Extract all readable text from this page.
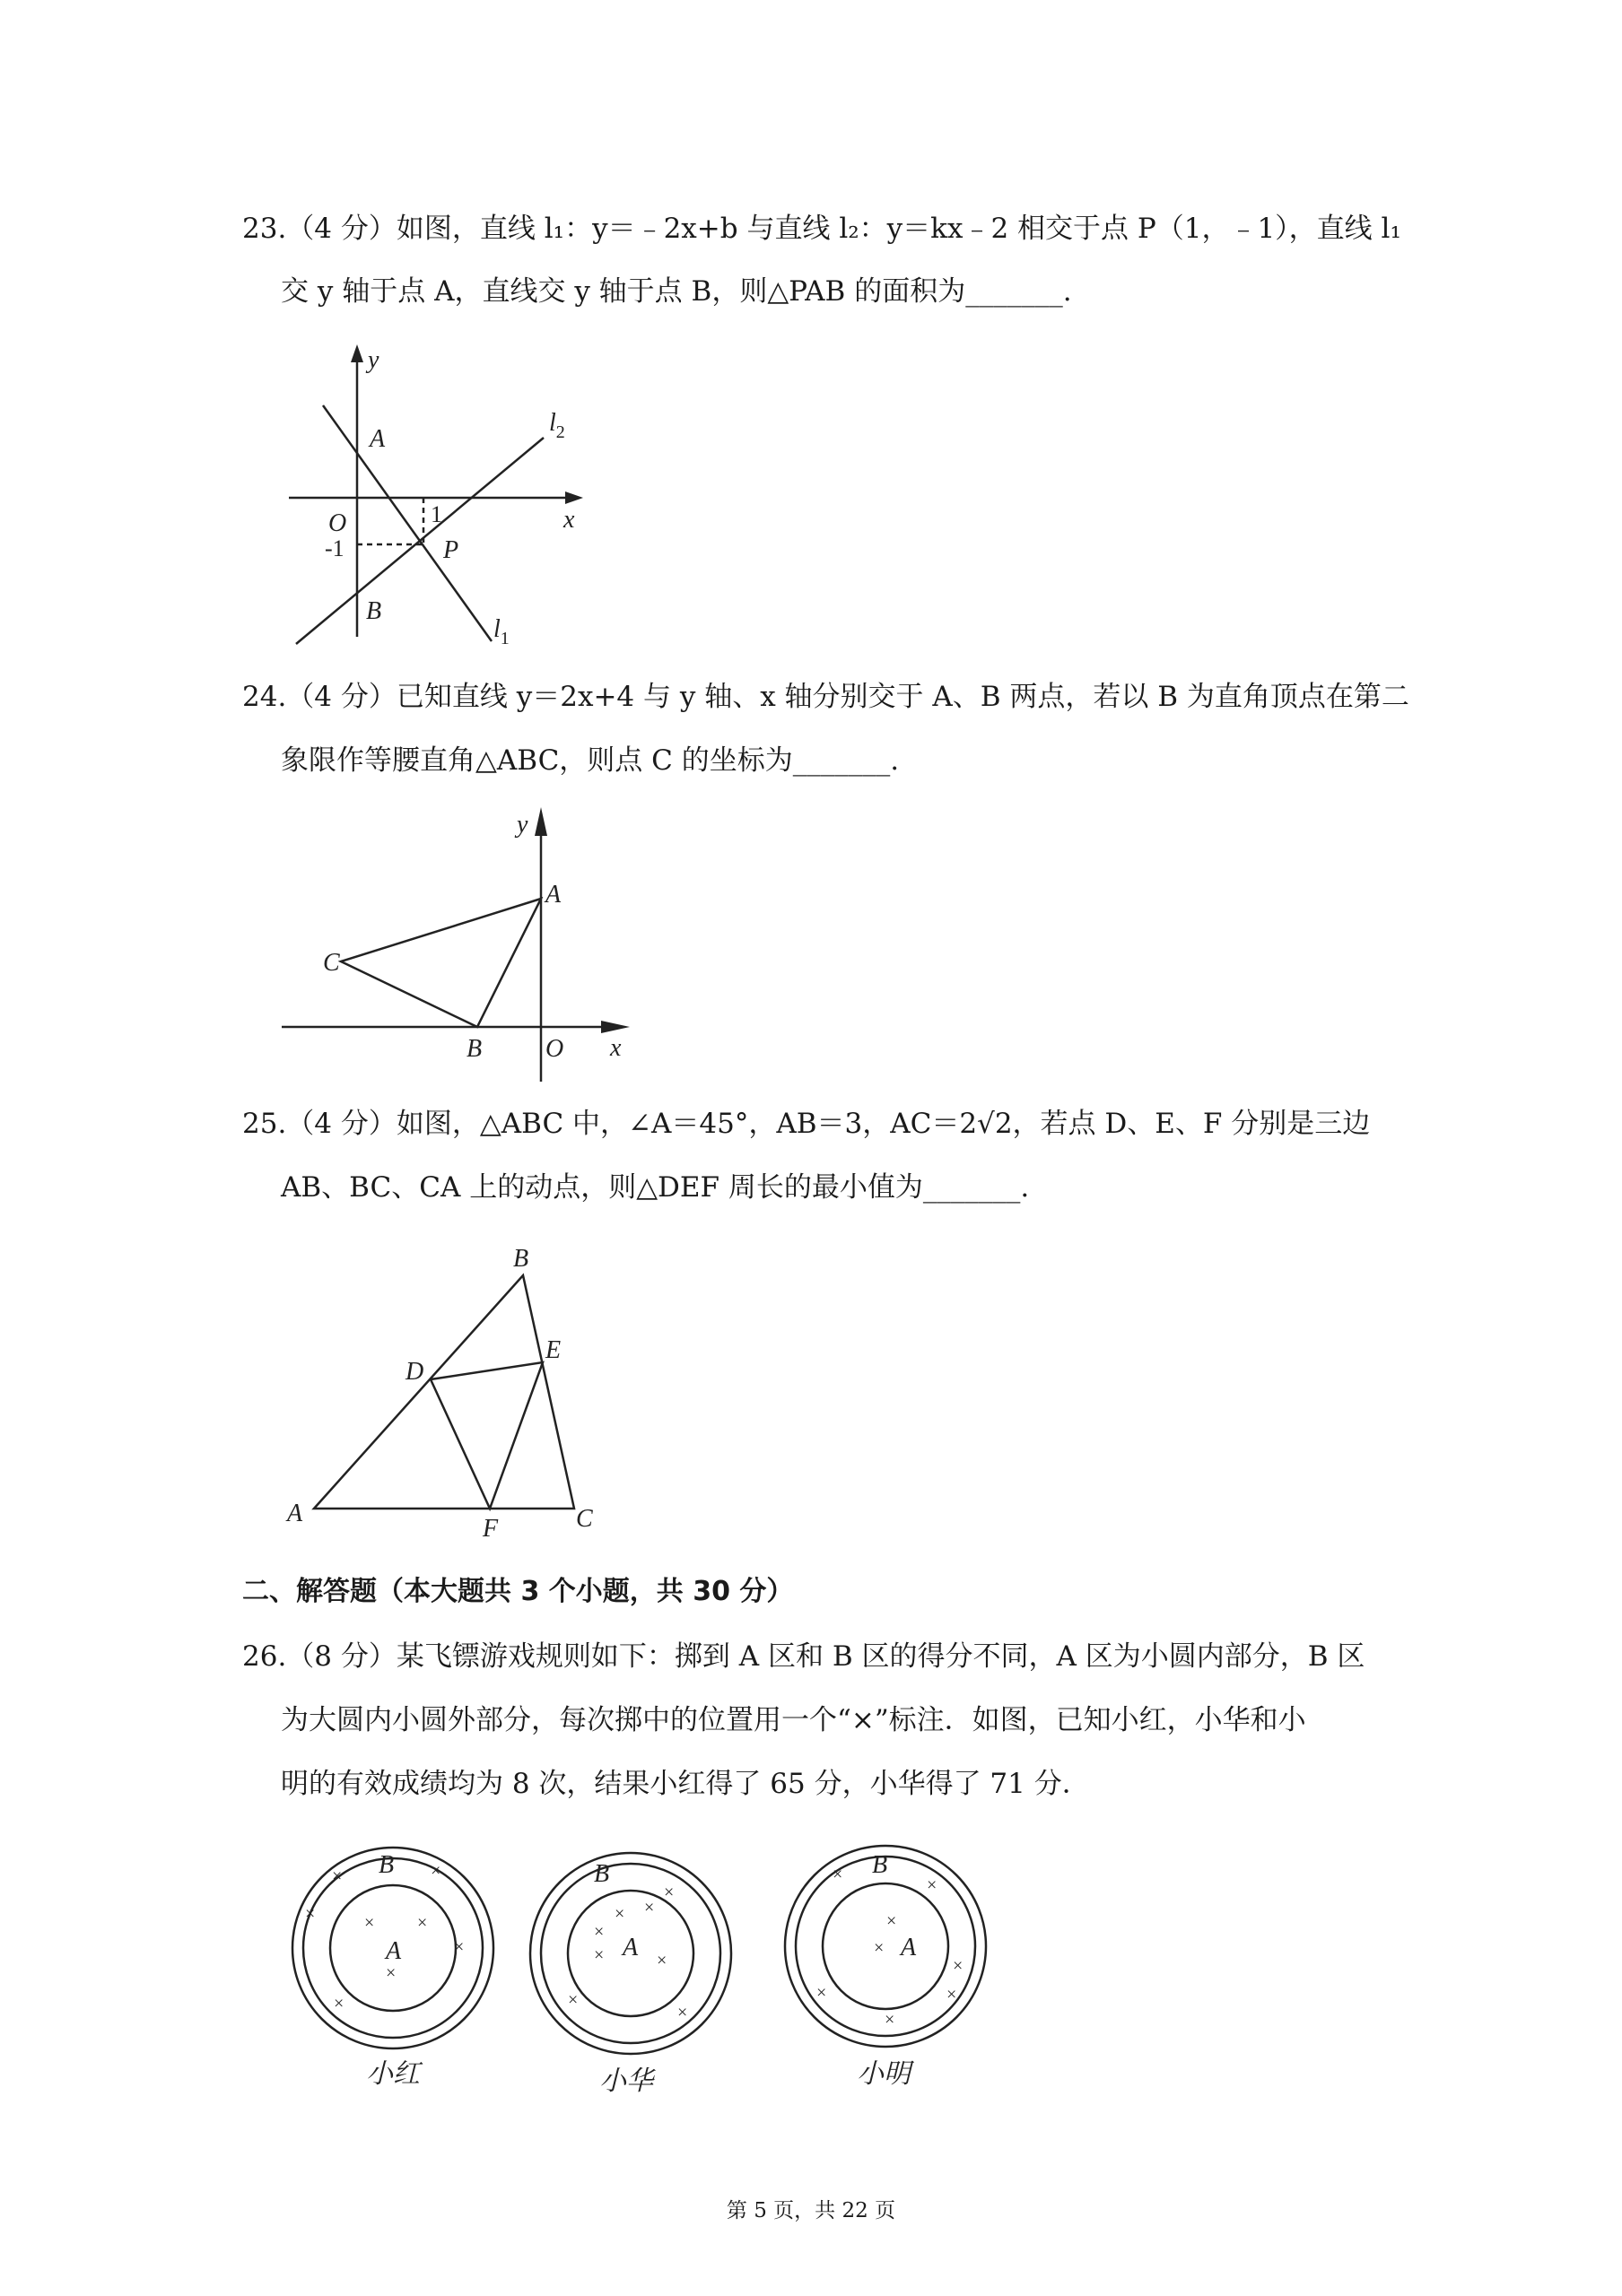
23.（4 分）如图，直线 l₁：y＝﹣2x+b 与直线 l₂：y＝kx﹣2 相交于点 P（1，﹣1），直线 l₁
交 y 轴于点 A，直线交 y 轴于点 B，则△PAB 的面积为_______.
y
x
A
O	1
-1	P
B
$l_1$
$l_2$
24.（4 分）已知直线 y＝2x+4 与 y 轴、x 轴分别交于 A、B 两点，若以 B 为直角顶点在第二
象限作等腰直角△ABC，则点 C 的坐标为_______.
y
x
A
B
C
O
25.（4 分）如图，△ABC 中，∠A＝45°，AB＝3，AC＝2√2，若点 D、E、F 分别是三边
AB、BC、CA 上的动点，则△DEF 周长的最小值为_______.
A
B
C
D
E
F
二、解答题（本大题共 3 个小题，共 30 分）
26.（8 分）某飞镖游戏规则如下：掷到 A 区和 B 区的得分不同，A 区为小圆内部分，B 区
为大圆内小圆外部分，每次掷中的位置用一个“×”标注．如图，已知小红，小华和小
明的有效成绩均为 8 次，结果小红得了 65 分，小华得了 71 分．
B
A
B
A
B
A
×	×
×	× ×
×
×
×
×
×
×
×
×	×
×
×
×
×
×
×
×
×	×
×
小红	小华	小明
第 5 页，共 22 页
